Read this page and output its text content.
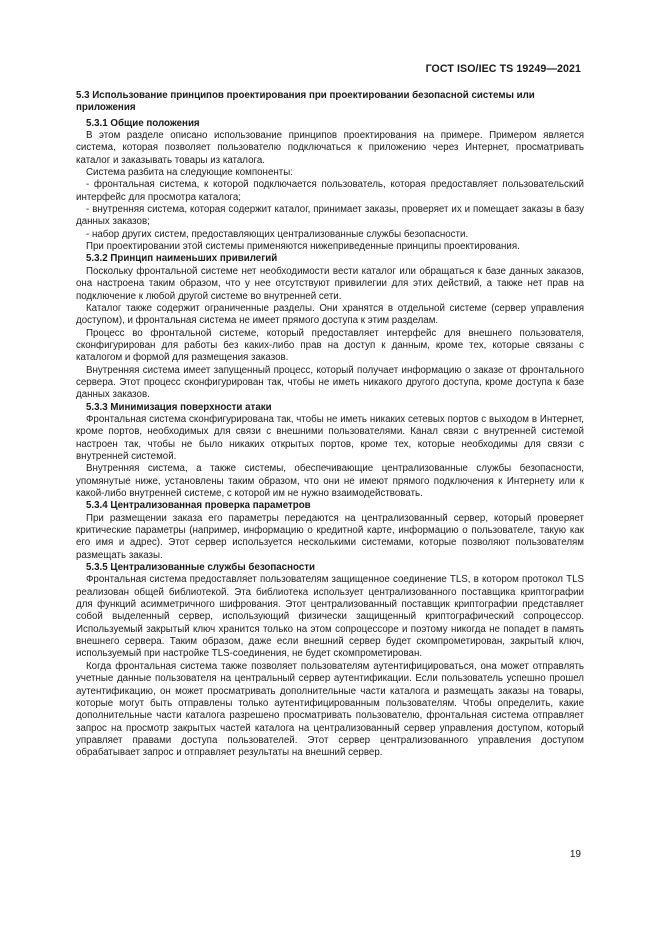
ГОСТ ISO/IEC TS 19249—2021
5.3 Использование принципов проектирования при проектировании безопасной системы или приложения

5.3.1 Общие положения

В этом разделе описано использование принципов проектирования на примере. Примером является система, которая позволяет пользователю подключаться к приложению через Интернет, просматривать каталог и заказывать товары из каталога.

Система разбита на следующие компоненты:

- фронтальная система, к которой подключается пользователь, которая предоставляет пользовательский интерфейс для просмотра каталога;

- внутренняя система, которая содержит каталог, принимает заказы, проверяет их и помещает заказы в базу данных заказов;

- набор других систем, предоставляющих централизованные службы безопасности.

При проектировании этой системы применяются нижеприведенные принципы проектирования.

5.3.2 Принцип наименьших привилегий

Поскольку фронтальной системе нет необходимости вести каталог или обращаться к базе данных заказов, она настроена таким образом, что у нее отсутствуют привилегии для этих действий, а также нет прав на подключение к любой другой системе во внутренней сети.

Каталог также содержит ограниченные разделы. Они хранятся в отдельной системе (сервер управления доступом), и фронтальная система не имеет прямого доступа к этим разделам.

Процесс во фронтальной системе, который предоставляет интерфейс для внешнего пользователя, сконфигурирован для работы без каких-либо прав на доступ к данным, кроме тех, которые связаны с каталогом и формой для размещения заказов.

Внутренняя система имеет запущенный процесс, который получает информацию о заказе от фронтального сервера. Этот процесс сконфигурирован так, чтобы не иметь никакого другого доступа, кроме доступа к базе данных заказов.

5.3.3 Минимизация поверхности атаки

Фронтальная система сконфигурирована так, чтобы не иметь никаких сетевых портов с выходом в Интернет, кроме портов, необходимых для связи с внешними пользователями. Канал связи с внутренней системой настроен так, чтобы не было никаких открытых портов, кроме тех, которые необходимы для связи с внутренней системой.

Внутренняя система, а также системы, обеспечивающие централизованные службы безопасности, упомянутые ниже, установлены таким образом, что они не имеют прямого подключения к Интернету или к какой-либо внутренней системе, с которой им не нужно взаимодействовать.

5.3.4 Централизованная проверка параметров

При размещении заказа его параметры передаются на централизованный сервер, который проверяет критические параметры (например, информацию о кредитной карте, информацию о пользователе, такую как его имя и адрес). Этот сервер используется несколькими системами, которые позволяют пользователям размещать заказы.

5.3.5 Централизованные службы безопасности

Фронтальная система предоставляет пользователям защищенное соединение TLS, в котором протокол TLS реализован общей библиотекой. Эта библиотека использует централизованного поставщика криптографии для функций асимметричного шифрования. Этот централизованный поставщик криптографии представляет собой выделенный сервер, использующий физически защищенный криптографический сопроцессор. Используемый закрытый ключ хранится только на этом сопроцессоре и поэтому никогда не попадет в память внешнего сервера. Таким образом, даже если внешний сервер будет скомпрометирован, закрытый ключ, используемый при настройке TLS-соединения, не будет скомпрометирован.

Когда фронтальная система также позволяет пользователям аутентифицироваться, она может отправлять учетные данные пользователя на центральный сервер аутентификации. Если пользователь успешно прошел аутентификацию, он может просматривать дополнительные части каталога и размещать заказы на товары, которые могут быть отправлены только аутентифицированным пользователям. Чтобы определить, какие дополнительные части каталога разрешено просматривать пользователю, фронтальная система отправляет запрос на просмотр закрытых частей каталога на централизованный сервер управления доступом, который управляет правами доступа пользователей. Этот сервер централизованного управления доступом обрабатывает запрос и отправляет результаты на внешний сервер.

19
